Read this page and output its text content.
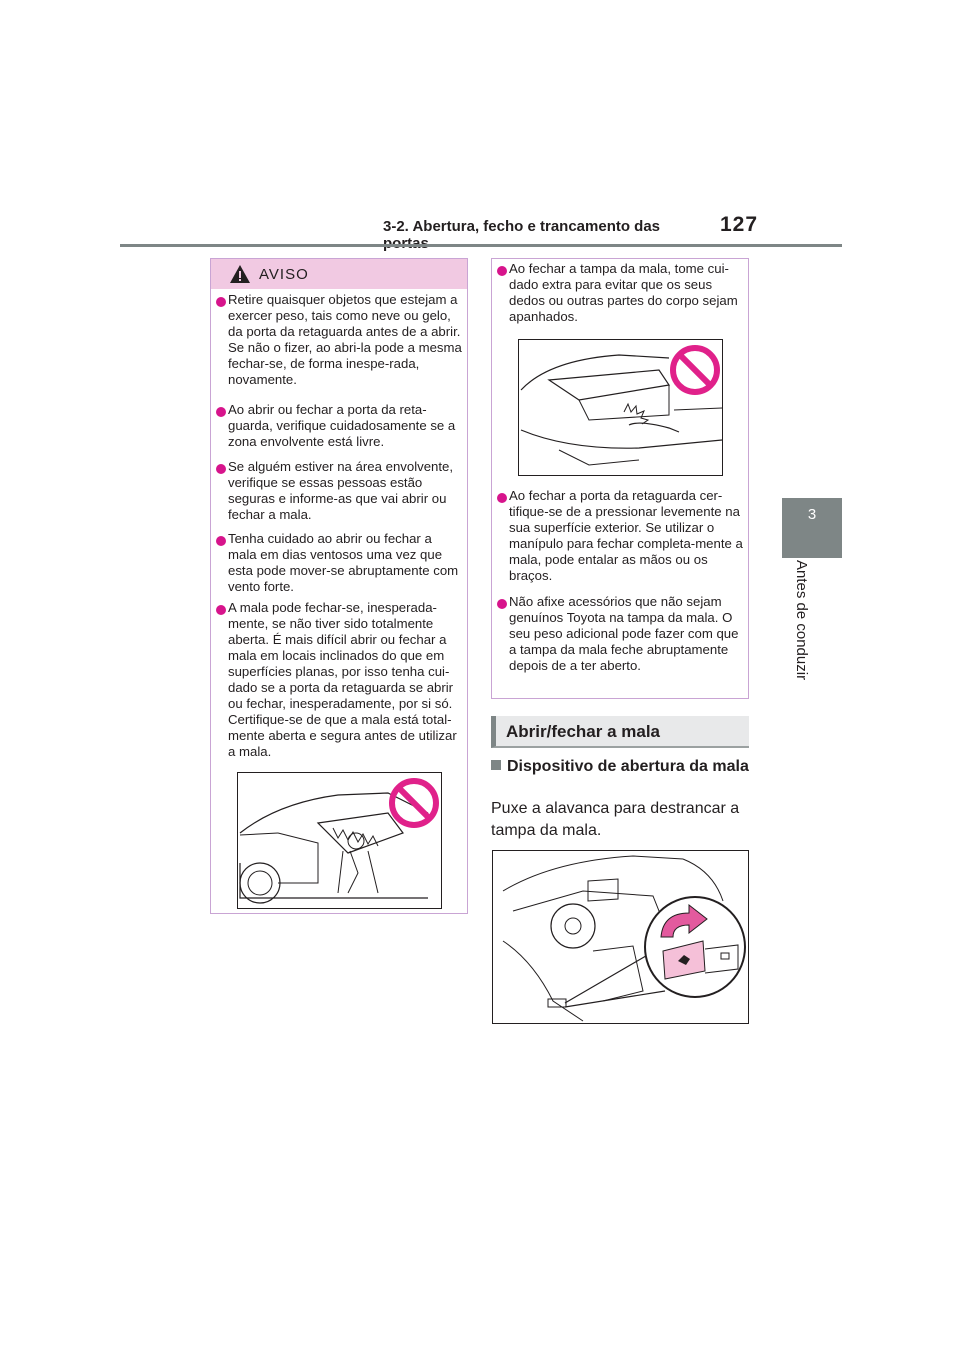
3-2. Abertura, fecho e trancamento das	127
3
Antes de conduzir
AVISO
Retire quaisquer objetos que estejam a exercer peso, tais como neve ou gelo, da porta da retaguarda antes de a abrir. Se não o fizer, ao abri-la pode a mesma fechar-se, de forma inespe-rada, novamente.
Ao abrir ou fechar a porta da reta-guarda, verifique cuidadosamente se a zona envolvente está livre.
Se alguém estiver na área envolvente, verifique se essas pessoas estão seguras e informe-as que vai abrir ou fechar a mala.
Tenha cuidado ao abrir ou fechar a mala em dias ventosos uma vez que esta pode mover-se abruptamente com vento forte.
A mala pode fechar-se, inesperada-mente, se não tiver sido totalmente aberta. É mais difícil abrir ou fechar a mala em locais inclinados do que em superfícies planas, por isso tenha cui-dado se a porta da retaguarda se abrir ou fechar, inesperadamente, por si só. Certifique-se de que a mala está total-mente aberta e segura antes de utilizar a mala.
Ao fechar a tampa da mala, tome cui-dado extra para evitar que os seus dedos ou outras partes do corpo sejam apanhados.
Ao fechar a porta da retaguarda cer-tifique-se de a pressionar levemente na sua superfície exterior. Se utilizar o manípulo para fechar completa-mente a mala, pode entalar as mãos ou os braços.
Não afixe acessórios que não sejam genuínos Toyota na tampa da mala. O seu peso adicional pode fazer com que a tampa da mala feche abruptamente depois de a ter aberto.
Abrir/fechar a mala
Dispositivo de abertura da mala
Puxe a alavanca para destrancar a tampa da mala.
